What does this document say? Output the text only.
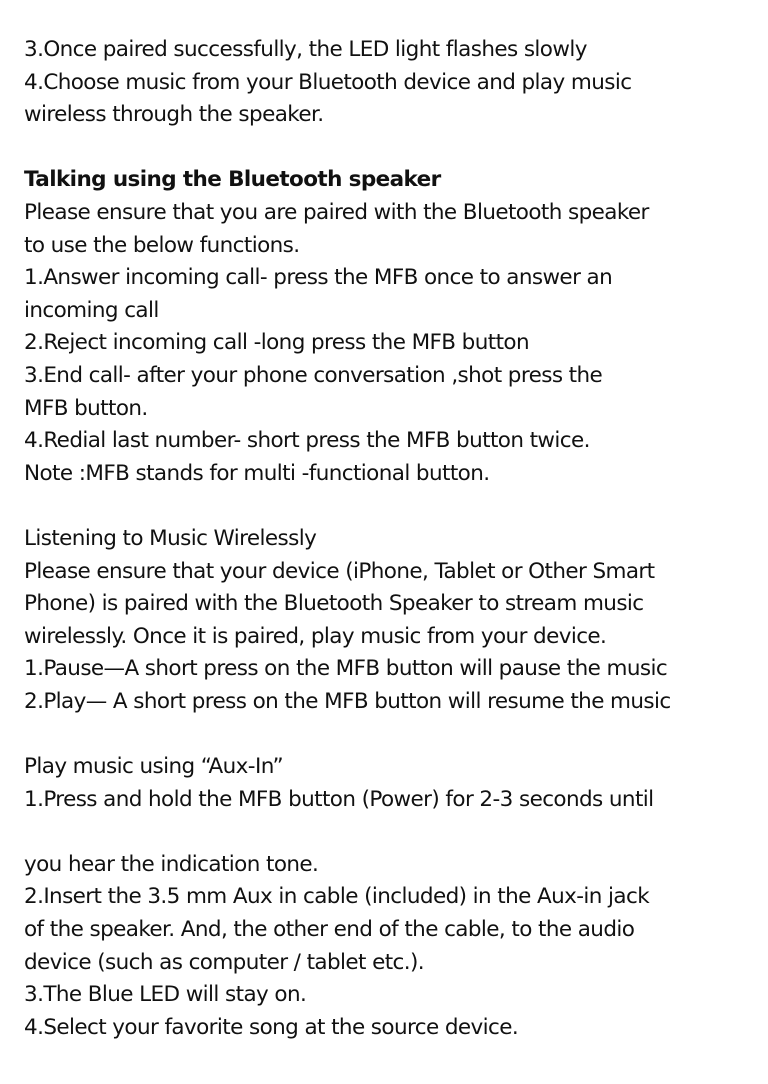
3.Once paired successfully, the LED light flashes slowly
4.Choose music from your Bluetooth device and play music
wireless through the speaker.
Talking using the Bluetooth speaker
Please ensure that you are paired with the Bluetooth speaker
to use the below functions.
1.Answer incoming call- press the MFB once to answer an
incoming call
2.Reject incoming call -long press the MFB button
3.End call- after your phone conversation ,shot press the
MFB button.
4.Redial last number- short press the MFB button twice.
Note :MFB stands for multi -functional button.
Listening to Music Wirelessly
Please ensure that your device (iPhone, Tablet or Other Smart
Phone) is paired with the Bluetooth Speaker to stream music
wirelessly. Once it is paired, play music from your device.
1.Pause—A short press on the MFB button will pause the music
2.Play— A short press on the MFB button will resume the music
Play music using “Aux-In”
1.Press and hold the MFB button (Power) for 2-3 seconds until
you hear the indication tone.
2.Insert the 3.5 mm Aux in cable (included) in the Aux-in jack
of the speaker. And, the other end of the cable, to the audio
device (such as computer / tablet etc.).
3.The Blue LED will stay on.
4.Select your favorite song at the source device.
